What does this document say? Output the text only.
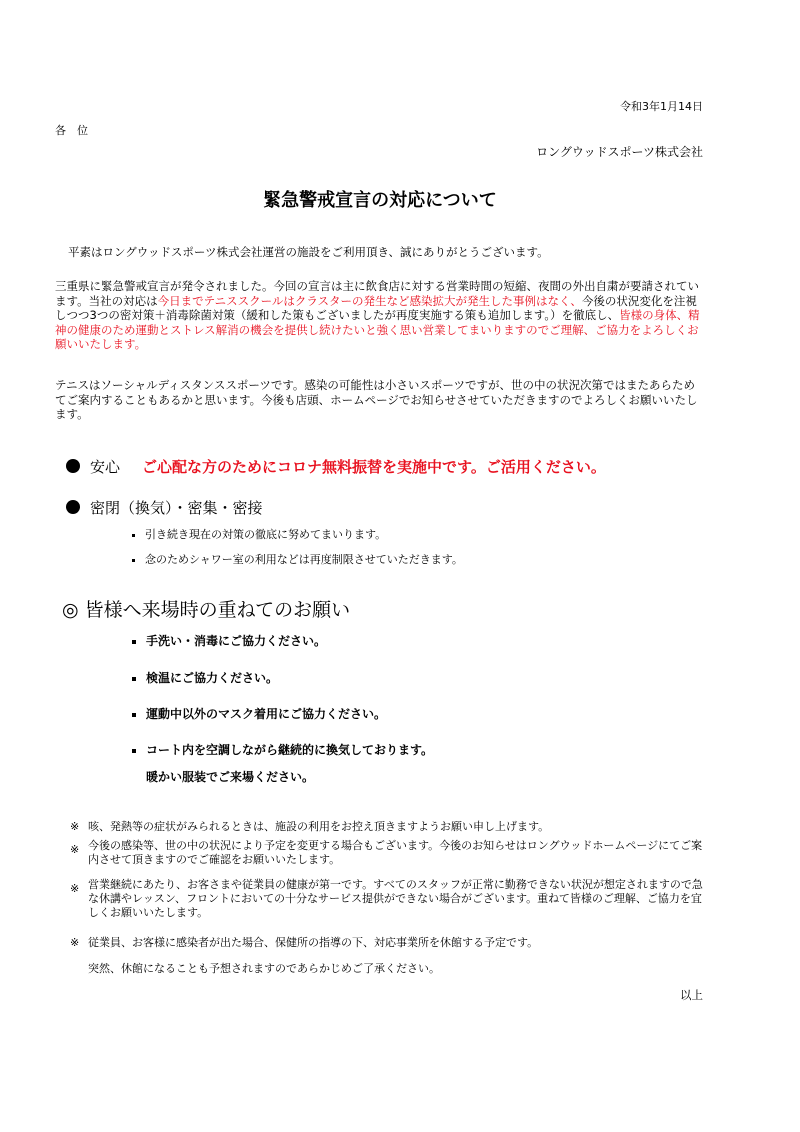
令和3年1月14日
各位
ロングウッドスポーツ株式会社
緊急警戒宣言の対応について
平素はロングウッドスポーツ株式会社運営の施設をご利用頂き、誠にありがとうございます。
三重県に緊急警戒宣言が発令されました。今回の宣言は主に飲食店に対する営業時間の短縮、夜間の外出自粛が要請されています。当社の対応は今日までテニススクールはクラスターの発生など感染拡大が発生した事例はなく、今後の状況変化を注視しつつ3つの密対策＋消毒除菌対策（緩和した策もございましたが再度実施する策も追加します。）を徹底し、皆様の身体、精神の健康のため運動とストレス解消の機会を提供し続けたいと強く思い営業してまいりますのでご理解、ご協力をよろしくお願いいたします。
テニスはソーシャルディスタンススポーツです。感染の可能性は小さいスポーツですが、世の中の状況次第ではまたあらためてご案内することもあるかと思います。今後も店頭、ホームページでお知らせさせていただきますのでよろしくお願いいたします。
安心 ご心配な方のためにコロナ無料振替を実施中です。ご活用ください。
密閉（換気）・密集・密接
引き続き現在の対策の徹底に努めてまいります。
念のためシャワー室の利用などは再度制限させていただきます。
◎ 皆様へ来場時の重ねてのお願い
手洗い・消毒にご協力ください。
検温にご協力ください。
運動中以外のマスク着用にご協力ください。
コート内を空調しながら継続的に換気しております。
暖かい服装でご来場ください。
※ 咳、発熱等の症状がみられるときは、施設の利用をお控え頂きますようお願い申し上げます。
※ 今後の感染等、世の中の状況により予定を変更する場合もございます。今後のお知らせはロングウッドホームページにてご案内させて頂きますのでご確認をお願いいたします。
※ 営業継続にあたり、お客さまや従業員の健康が第一です。すべてのスタッフが正常に勤務できない状況が想定されますので急な休講やレッスン、フロントにおいての十分なサービス提供ができない場合がございます。重ねて皆様のご理解、ご協力を宜しくお願いいたします。
※ 従業員、お客様に感染者が出た場合、保健所の指導の下、対応事業所を休館する予定です。
突然、休館になることも予想されますのであらかじめご了承ください。
以上
